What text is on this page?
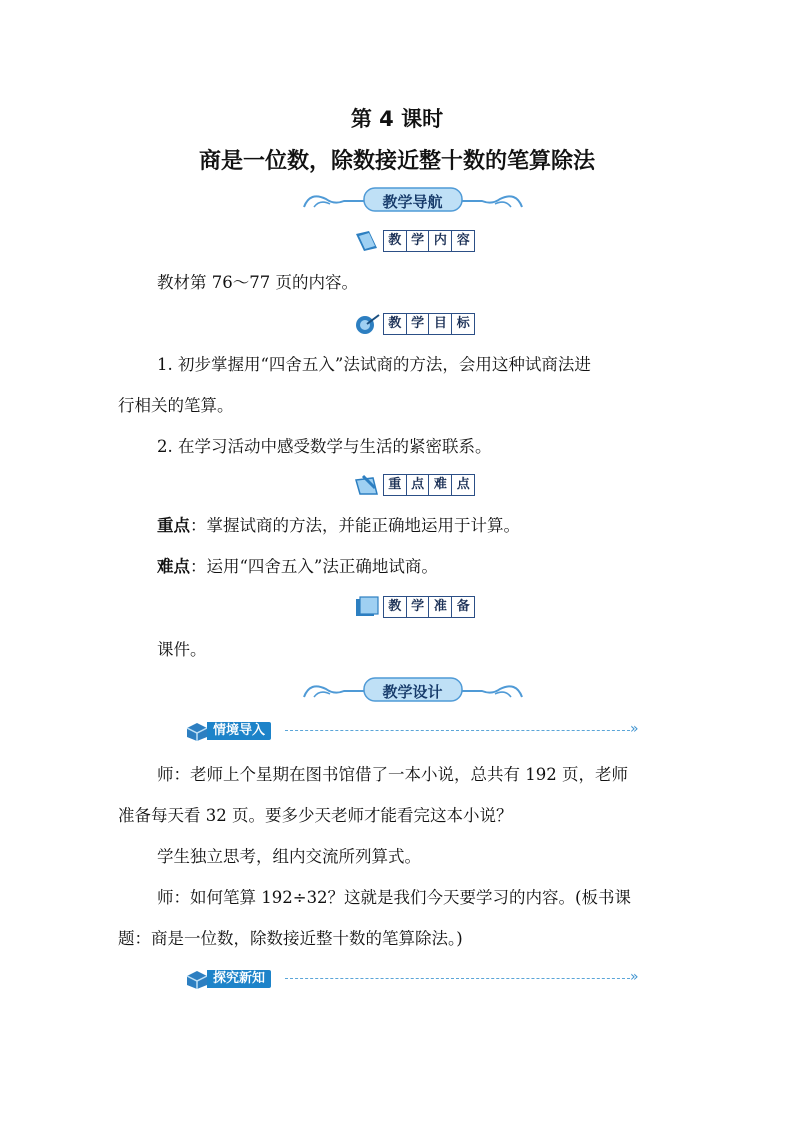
第 4 课时
商是一位数，除数接近整十数的笔算除法
教学导航
教 学 内 容
教材第 76～77 页的内容。
教 学 目 标
1. 初步掌握用“四舍五入”法试商的方法，会用这种试商法进
行相关的笔算。
2. 在学习活动中感受数学与生活的紧密联系。
重 点 难 点
重点：掌握试商的方法，并能正确地运用于计算。
难点：运用“四舍五入”法正确地试商。
教 学 准 备
课件。
教学设计
情境导入	»
师：老师上个星期在图书馆借了一本小说，总共有 192 页，老师
准备每天看 32 页。要多少天老师才能看完这本小说？
学生独立思考，组内交流所列算式。
师：如何笔算 192÷32？这就是我们今天要学习的内容。(板书课
题：商是一位数，除数接近整十数的笔算除法。)
探究新知	»
